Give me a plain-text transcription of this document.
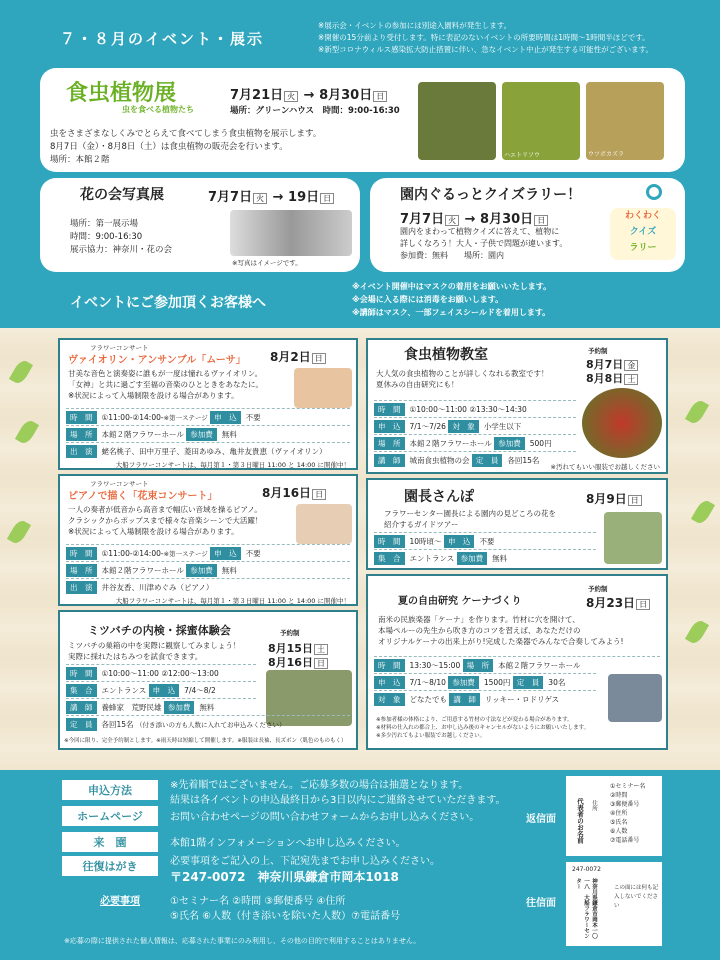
７・８月のイベント・展示
※展示会・イベントの参加には別途入園料が発生します。
※開催の15分前より受付します。特に表記のないイベントの所要時間は1時間〜1時間半ほどです。
※新型コロナウィルス感染拡大防止措置に伴い、急なイベント中止が発生する可能性がございます。
食虫植物展
虫を食べる植物たち
7月21日 火 → 8月30日 日
場所：グリーンハウス　時間：9:00-16:30
虫をさまざまなしくみでとらえて食べてしまう食虫植物を展示します。
8月7日（金）・8月8日（土）は食虫植物の販売会を行います。
場所：本館２階
ウツボカズラ
ハエトリソウ
花の会写真展	7月7日 火 → 19日 日
場所：第一展示場
時間：9:00-16:30
展示協力：神奈川・花の会
※写真はイメージです。
園内ぐるっとクイズラリー！
7月7日 火 → 8月30日 日
園内をまわって植物クイズに答えて、植物に
詳しくなろう！大人・子供で問題が違います。
参加費：無料　　場所：園内
わくわく
クイズ
ラリー
イベントにご参加頂くお客様へ
※イベント開催中はマスクの着用をお願いいたします。
※会場に入る際には消毒をお願いします。
※講師はマスク、一部フェイスシールドを着用します。
フラワーコンサート
ヴァイオリン・アンサンブル「ムーサ」 8月2日 日
甘美な音色と演奏姿に誰もが一度は憧れるヴァイオリン。
「女神」と共に過ごす至福の音楽のひとときをあなたに。
※状況によって入場制限を設ける場合があります。
時　間	①11:00-②14:00- ※第一ステージ
申　込	不要
場　所	本館２階フラワーホール
参加費	無料
出　演	蛯名桃子、田中万里子、菱田あゆみ、亀井友貴恵（ヴァイオリン）
大船フラワーコンサートは、毎月第１・第３日曜日 11:00 と 14:00 に開催中！
フラワーコンサート
ピアノで描く「花束コンサート」	8月16日 日
一人の奏者が低音から高音まで幅広い音域を操るピアノ。
クラシックからポップスまで様々な音楽シーンで大活躍！
※状況によって入場制限を設ける場合があります。
時　間	①11:00-②14:00- ※第一ステージ
申　込	不要
場　所	本館２階フラワーホール
参加費	無料
出　演	井谷友香、川津めぐみ（ピアノ）
大船フラワーコンサートは、毎月第１・第３日曜日 11:00 と 14:00 に開催中！
ミツバチの内検・採蜜体験会	予約制
8月15日 土
8月16日 日
ミツバチの巣箱の中を実際に観察してみましょう！
実際に採れたはちみつを試食できます。
時　間	①10:00～11:00 ②12:00～13:00
集　合	エントランス
申　込	7/4～8/2
講　師	養蜂家　荒野民雄
参加費	無料
定　員	各回15名
（付き添いの方も人数に入れてお申込みください）
※今回に限り、完全予約制とします。※雨天時は短縮して開催します。※服装は長袖、長ズボン（肌色のものもく）
食虫植物教室	予約制
8月7日 金
8月8日 土
大人気の食虫植物のことが詳しくなれる教室です！
夏休みの自由研究にも！
時　間	①10:00～11:00 ②13:30～14:30
申　込	7/1～7/26
対　象	小学生以下
場　所	本館２階フラワーホール
参加費	500円
講　師	城南食虫植物の会
定　員	各回15名
※汚れてもいい服装でお越しください
園長さんぽ	8月9日 日
フラワーセンター園長による園内の見どころの花を
紹介するガイドツアー
時　間	10時頃～
申　込	不要
集　合	エントランス
参加費	無料
夏の自由研究 ケーナづくり
予約制
8月23日 日
南米の民族楽器「ケーナ」を作ります。竹材に穴を開けて、
本場ペルーの先生から吹き方のコツを習えば、あなただけの
オリジナルケーナの出来上がり!完成した楽器でみんなで合奏してみよう!
時　間	13:30～15:00
場　所	本館２階フラワーホール
申　込	7/1～8/10
参加費	1500円
定　員	30名
対　象	どなたでも
講　師	リッキー・ロドリゲス
※参加者様の体格により、ご用意する竹材の寸法などが変わる場合があります。
※材料の仕入れの都合上、お申し込み後のキャンセルがないようにお願いいたします。
※多少汚れてもよい服装でお越しください。
申込方法
ホームページ
来　園
往復はがき
※先着順ではございません。ご応募多数の場合は抽選となります。
結果は各イベントの申込最終日から3日以内にご連絡させていただきます。
お問い合わせページの問い合わせフォームからお申し込みください。
本館1階インフォメーションへお申し込みください。
必要事項をご記入の上、下記宛先までお申し込みください。
〒247-0072　神奈川県鎌倉市岡本1018
必要事項	①セミナー名 ②時間 ③郵便番号 ④住所
⑤氏名 ⑥人数（付き添いを除いた人数）⑦電話番号
※応募の際に提供された個人情報は、応募された事業にのみ利用し、その他の目的で利用することはありません。
返信面
往信面
住所
代表者のお名前
①セミナー名
②時間
③郵便番号
④住所
⑤氏名
⑥人数
⑦電話番号
247-0072
神奈川県鎌倉市岡本一〇一八　大船フラワーセンター	この面には何も記入しないでください
